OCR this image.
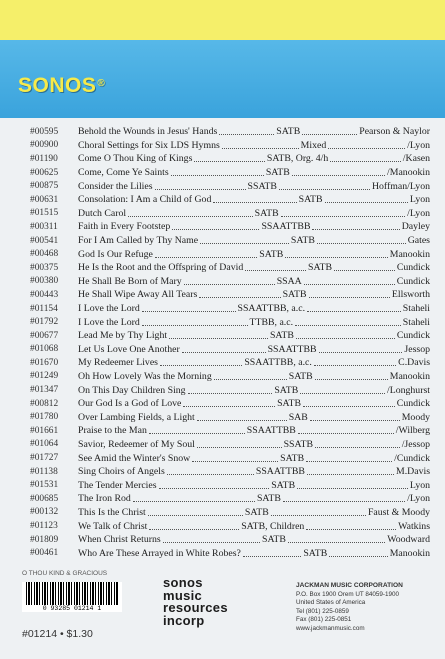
SONOS®
#00595	Behold the Wounds in Jesus' Hands	SATB	Pearson & Naylor
#00900	Choral Settings for Six LDS Hymns	Mixed	/Lyon
#01190	Come O Thou King of Kings	SATB, Org. 4/h	/Kasen
#00625	Come, Come Ye Saints	SATB	/Manookin
#00875	Consider the Lilies	SSATB	Hoffman/Lyon
#00631	Consolation: I Am a Child of God	SATB	Lyon
#01515	Dutch Carol	SATB	/Lyon
#00311	Faith in Every Footstep	SSAATTBB	Dayley
#00541	For I Am Called by Thy Name	SATB	Gates
#00468	God Is Our Refuge	SATB	Manookin
#00375	He Is the Root and the Offspring of David	SATB	Cundick
#00380	He Shall Be Born of Mary	SSAA	Cundick
#00443	He Shall Wipe Away All Tears	SATB	Ellsworth
#01154	I Love the Lord	SSAATTBB, a.c.	Staheli
#01792	I Love the Lord	TTBB, a.c.	Staheli
#00677	Lead Me by Thy Light	SATB	Cundick
#01068	Let Us Love One Another	SSAATTBB	Jessop
#01670	My Redeemer Lives	SSAATTBB, a.c.	C.Davis
#01249	Oh How Lovely Was the Morning	SATB	Manookin
#01347	On This Day Children Sing	SATB	/Longhurst
#00812	Our God Is a God of Love	SATB	Cundick
#01780	Over Lambing Fields, a Light	SAB	Moody
#01661	Praise to the Man	SSAATTBB	/Wilberg
#01064	Savior, Redeemer of My Soul	SSATB	/Jessop
#01727	See Amid the Winter's Snow	SATB	/Cundick
#01138	Sing Choirs of Angels	SSAATTBB	M.Davis
#01531	The Tender Mercies	SATB	Lyon
#00685	The Iron Rod	SATB	/Lyon
#00132	This Is the Christ	SATB	Faust & Moody
#01123	We Talk of Christ	SATB, Children	Watkins
#01809	When Christ Returns	SATB	Woodward
#00461	Who Are These Arrayed in White Robes?	SATB	Manookin
O THOU KIND & GRACIOUS
0 93285 01214 1
#01214 • $1.30
sonos
music
resources
incorp
JACKMAN MUSIC CORPORATION
P.O. Box 1900 Orem UT 84059-1900
United States of America
Tel (801) 225-0859
Fax (801) 225-0851
www.jackmanmusic.com
